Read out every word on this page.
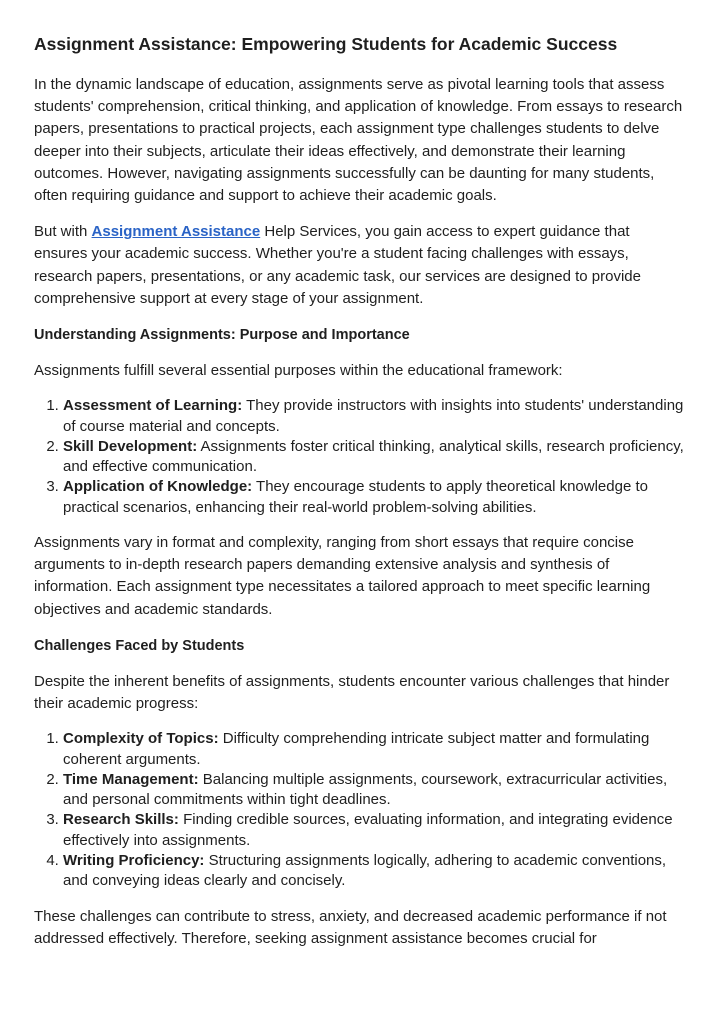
Assignment Assistance: Empowering Students for Academic Success

In the dynamic landscape of education, assignments serve as pivotal learning tools that assess students' comprehension, critical thinking, and application of knowledge. From essays to research papers, presentations to practical projects, each assignment type challenges students to delve deeper into their subjects, articulate their ideas effectively, and demonstrate their learning outcomes. However, navigating assignments successfully can be daunting for many students, often requiring guidance and support to achieve their academic goals.

But with Assignment Assistance Help Services, you gain access to expert guidance that ensures your academic success. Whether you're a student facing challenges with essays, research papers, presentations, or any academic task, our services are designed to provide comprehensive support at every stage of your assignment.

Understanding Assignments: Purpose and Importance

Assignments fulfill several essential purposes within the educational framework:

1. Assessment of Learning: They provide instructors with insights into students' understanding of course material and concepts.
2. Skill Development: Assignments foster critical thinking, analytical skills, research proficiency, and effective communication.
3. Application of Knowledge: They encourage students to apply theoretical knowledge to practical scenarios, enhancing their real-world problem-solving abilities.

Assignments vary in format and complexity, ranging from short essays that require concise arguments to in-depth research papers demanding extensive analysis and synthesis of information. Each assignment type necessitates a tailored approach to meet specific learning objectives and academic standards.

Challenges Faced by Students

Despite the inherent benefits of assignments, students encounter various challenges that hinder their academic progress:

1. Complexity of Topics: Difficulty comprehending intricate subject matter and formulating coherent arguments.
2. Time Management: Balancing multiple assignments, coursework, extracurricular activities, and personal commitments within tight deadlines.
3. Research Skills: Finding credible sources, evaluating information, and integrating evidence effectively into assignments.
4. Writing Proficiency: Structuring assignments logically, adhering to academic conventions, and conveying ideas clearly and concisely.

These challenges can contribute to stress, anxiety, and decreased academic performance if not addressed effectively. Therefore, seeking assignment assistance becomes crucial for
